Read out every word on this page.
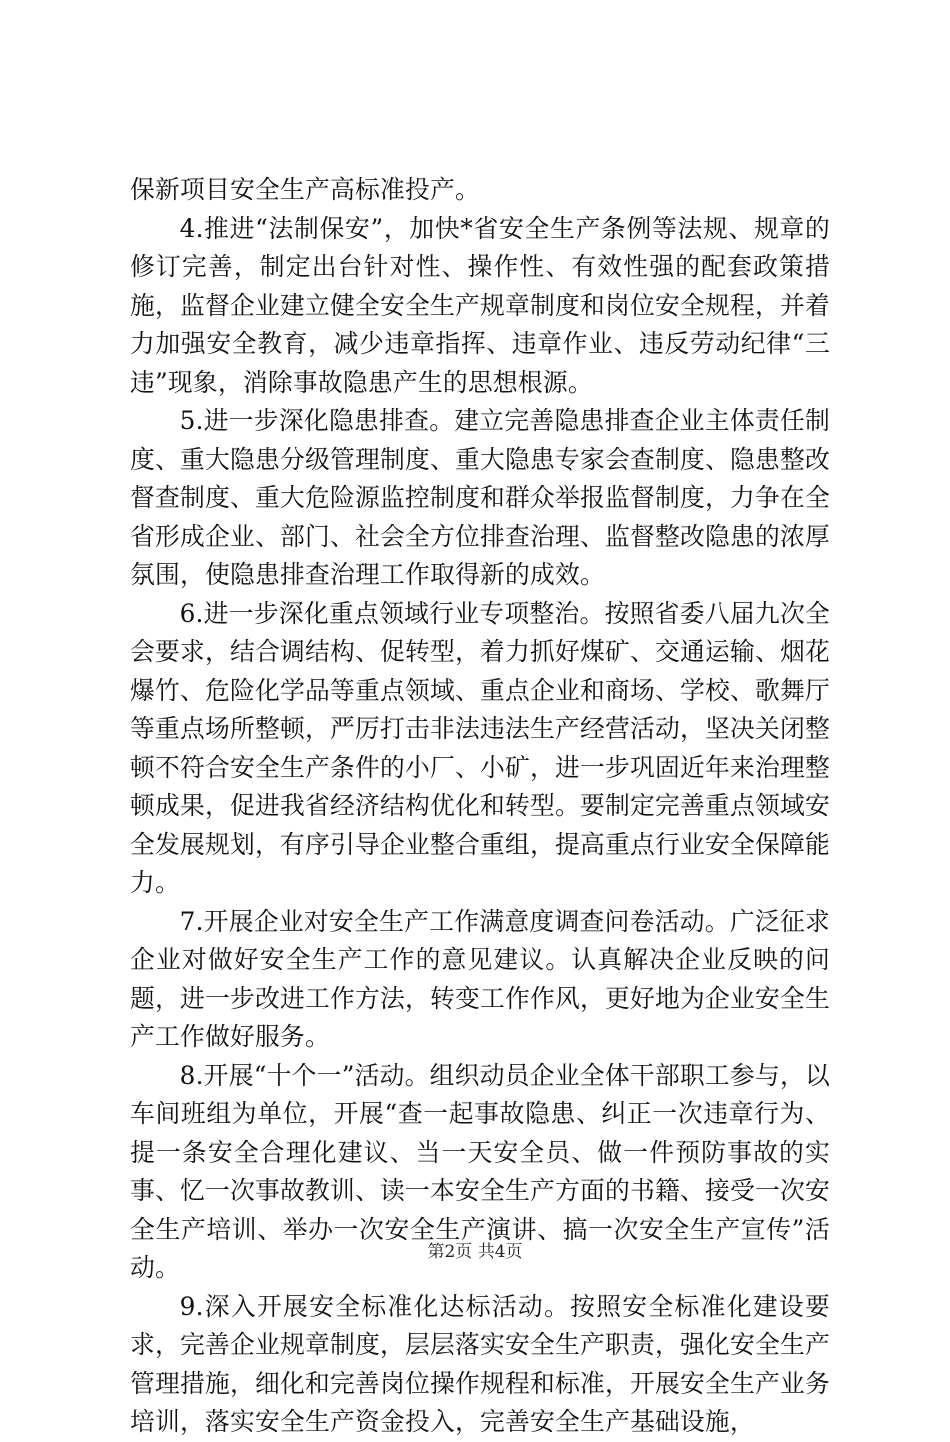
保新项目安全生产高标准投产。

4.推进“法制保安”，加快*省安全生产条例等法规、规章的修订完善，制定出台针对性、操作性、有效性强的配套政策措施，监督企业建立健全安全生产规章制度和岗位安全规程，并着力加强安全教育，减少违章指挥、违章作业、违反劳动纪律“三违”现象，消除事故隐患产生的思想根源。

5.进一步深化隐患排查。建立完善隐患排查企业主体责任制度、重大隐患分级管理制度、重大隐患专家会查制度、隐患整改督查制度、重大危险源监控制度和群众举报监督制度，力争在全省形成企业、部门、社会全方位排查治理、监督整改隐患的浓厚氛围，使隐患排查治理工作取得新的成效。

6.进一步深化重点领域行业专项整治。按照省委八届九次全会要求，结合调结构、促转型，着力抓好煤矿、交通运输、烟花爆竹、危险化学品等重点领域、重点企业和商场、学校、歌舞厅等重点场所整顿，严厉打击非法违法生产经营活动，坚决关闭整顿不符合安全生产条件的小厂、小矿，进一步巩固近年来治理整顿成果，促进我省经济结构优化和转型。要制定完善重点领域安全发展规划，有序引导企业整合重组，提高重点行业安全保障能力。

7.开展企业对安全生产工作满意度调查问卷活动。广泛征求企业对做好安全生产工作的意见建议。认真解决企业反映的问题，进一步改进工作方法，转变工作作风，更好地为企业安全生产工作做好服务。

8.开展“十个一”活动。组织动员企业全体干部职工参与，以车间班组为单位，开展“查一起事故隐患、纠正一次违章行为、提一条安全合理化建议、当一天安全员、做一件预防事故的实事、忆一次事故教训、读一本安全生产方面的书籍、接受一次安全生产培训、举办一次安全生产演讲、搞一次安全生产宣传”活动。

9.深入开展安全标准化达标活动。按照安全标准化建设要求，完善企业规章制度，层层落实安全生产职责，强化安全生产管理措施，细化和完善岗位操作规程和标准，开展安全生产业务培训，落实安全生产资金投入，完善安全生产基础设施，

第2页 共4页
